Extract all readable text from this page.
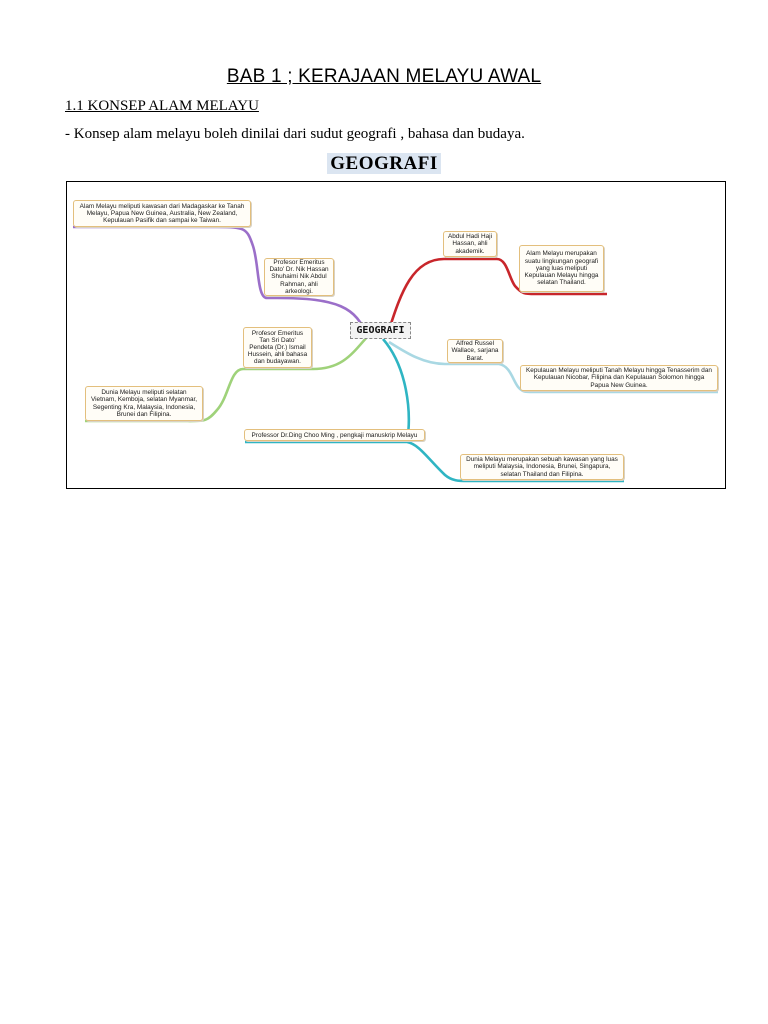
BAB 1 ; KERAJAAN MELAYU AWAL
1.1 KONSEP ALAM MELAYU
- Konsep alam melayu boleh dinilai dari sudut geografi , bahasa dan budaya.
GEOGRAFI
Alam Melayu meliputi kawasan dari Madagaskar ke Tanah Melayu, Papua New Guinea, Australia, New Zealand, Kepulauan Pasifik dan sampai ke Taiwan.
Profesor Emeritus Dato' Dr. Nik Hassan Shuhaimi Nik Abdul Rahman, ahli arkeologi.
Profesor Emeritus Tan Sri Dato' Pendeta (Dr.) Ismail Hussein, ahli bahasa dan budayawan.
Dunia Melayu meliputi selatan Vietnam, Kemboja, selatan Myanmar, Segenting Kra, Malaysia, Indonesia, Brunei dan Filipina.
Professor Dr.Ding Choo Ming , pengkaji manuskrip Melayu
Dunia Melayu merupakan sebuah kawasan yang luas meliputi Malaysia, Indonesia, Brunei, Singapura, selatan Thailand dan Filipina.
Abdul Hadi Haji Hassan, ahli akademik.	Alam Melayu merupakan suatu lingkungan geografi yang luas meliputi Kepulauan Melayu hingga selatan Thailand.
Alfred Russel Wallace, sarjana Barat.
Kepulauan Melayu meliputi Tanah Melayu hingga Tenasserim dan Kepulauan Nicobar, Filipina dan Kepulauan Solomon hingga Papua New Guinea.
GEOGRAFI
